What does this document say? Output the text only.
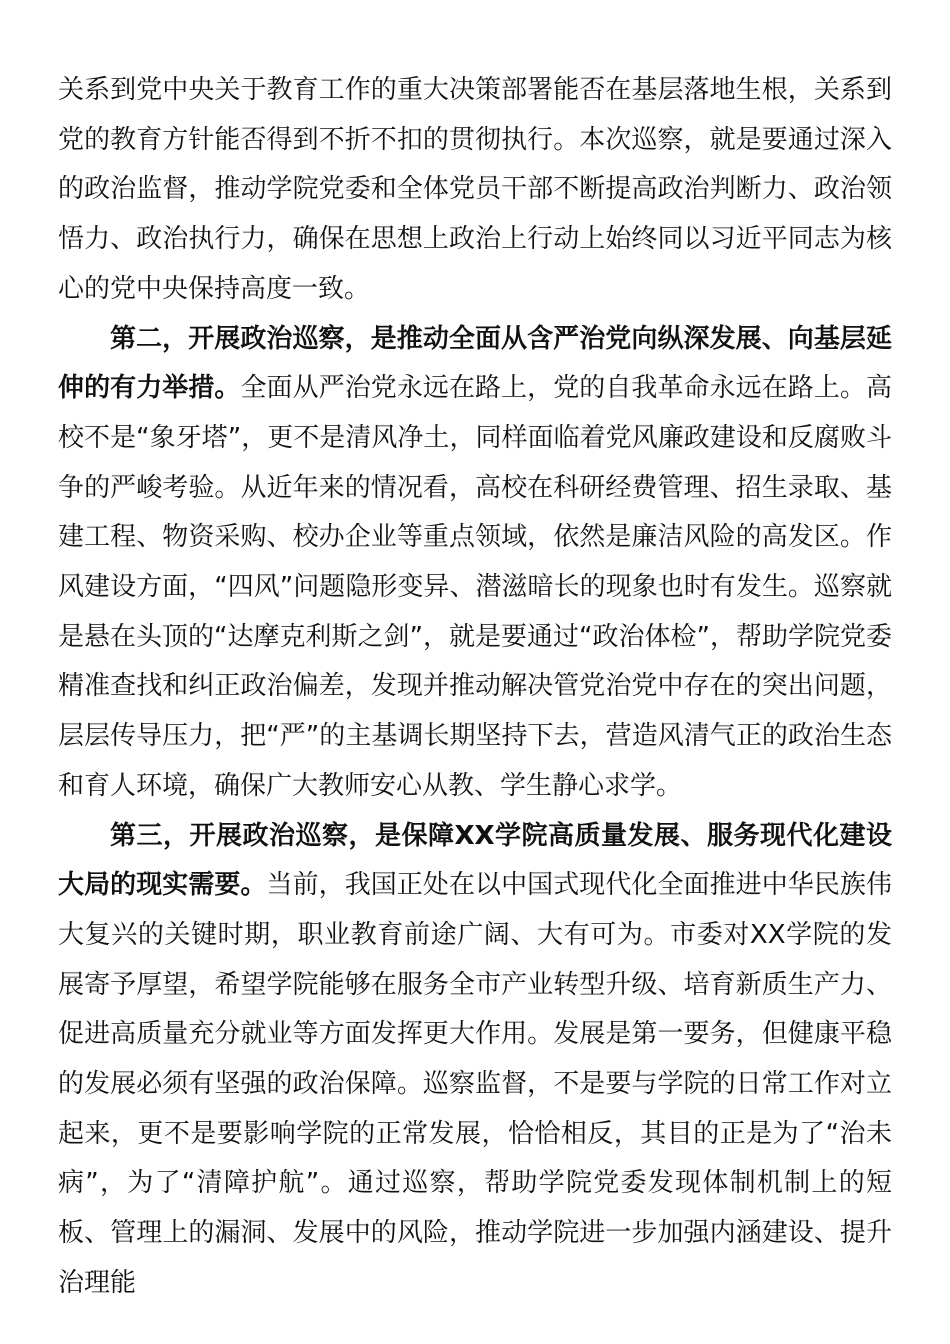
关系到党中央关于教育工作的重大决策部署能否在基层落地生根，关系到党的教育方针能否得到不折不扣的贯彻执行。本次巡察，就是要通过深入的政治监督，推动学院党委和全体党员干部不断提高政治判断力、政治领悟力、政治执行力，确保在思想上政治上行动上始终同以习近平同志为核心的党中央保持高度一致。

第二，开展政治巡察，是推动全面从含严治党向纵深发展、向基层延伸的有力举措。全面从严治党永远在路上，党的自我革命永远在路上。高校不是“象牙塔”，更不是清风净土，同样面临着党风廉政建设和反腐败斗争的严峻考验。从近年来的情况看，高校在科研经费管理、招生录取、基建工程、物资采购、校办企业等重点领域，依然是廉洁风险的高发区。作风建设方面，“四风”问题隐形变异、潜滋暗长的现象也时有发生。巡察就是悬在头顶的“达摩克利斯之剑”，就是要通过“政治体检”，帮助学院党委精准查找和纠正政治偏差，发现并推动解决管党治党中存在的突出问题，层层传导压力，把“严”的主基调长期坚持下去，营造风清气正的政治生态和育人环境，确保广大教师安心从教、学生静心求学。

第三，开展政治巡察，是保障XX学院高质量发展、服务现代化建设大局的现实需要。当前，我国正处在以中国式现代化全面推进中华民族伟大复兴的关键时期，职业教育前途广阔、大有可为。市委对XX学院的发展寄予厚望，希望学院能够在服务全市产业转型升级、培育新质生产力、促进高质量充分就业等方面发挥更大作用。发展是第一要务，但健康平稳的发展必须有坚强的政治保障。巡察监督，不是要与学院的日常工作对立起来，更不是要影响学院的正常发展，恰恰相反，其目的正是为了“治未病”，为了“清障护航”。通过巡察，帮助学院党委发现体制机制上的短板、管理上的漏洞、发展中的风险，推动学院进一步加强内涵建设、提升治理能
